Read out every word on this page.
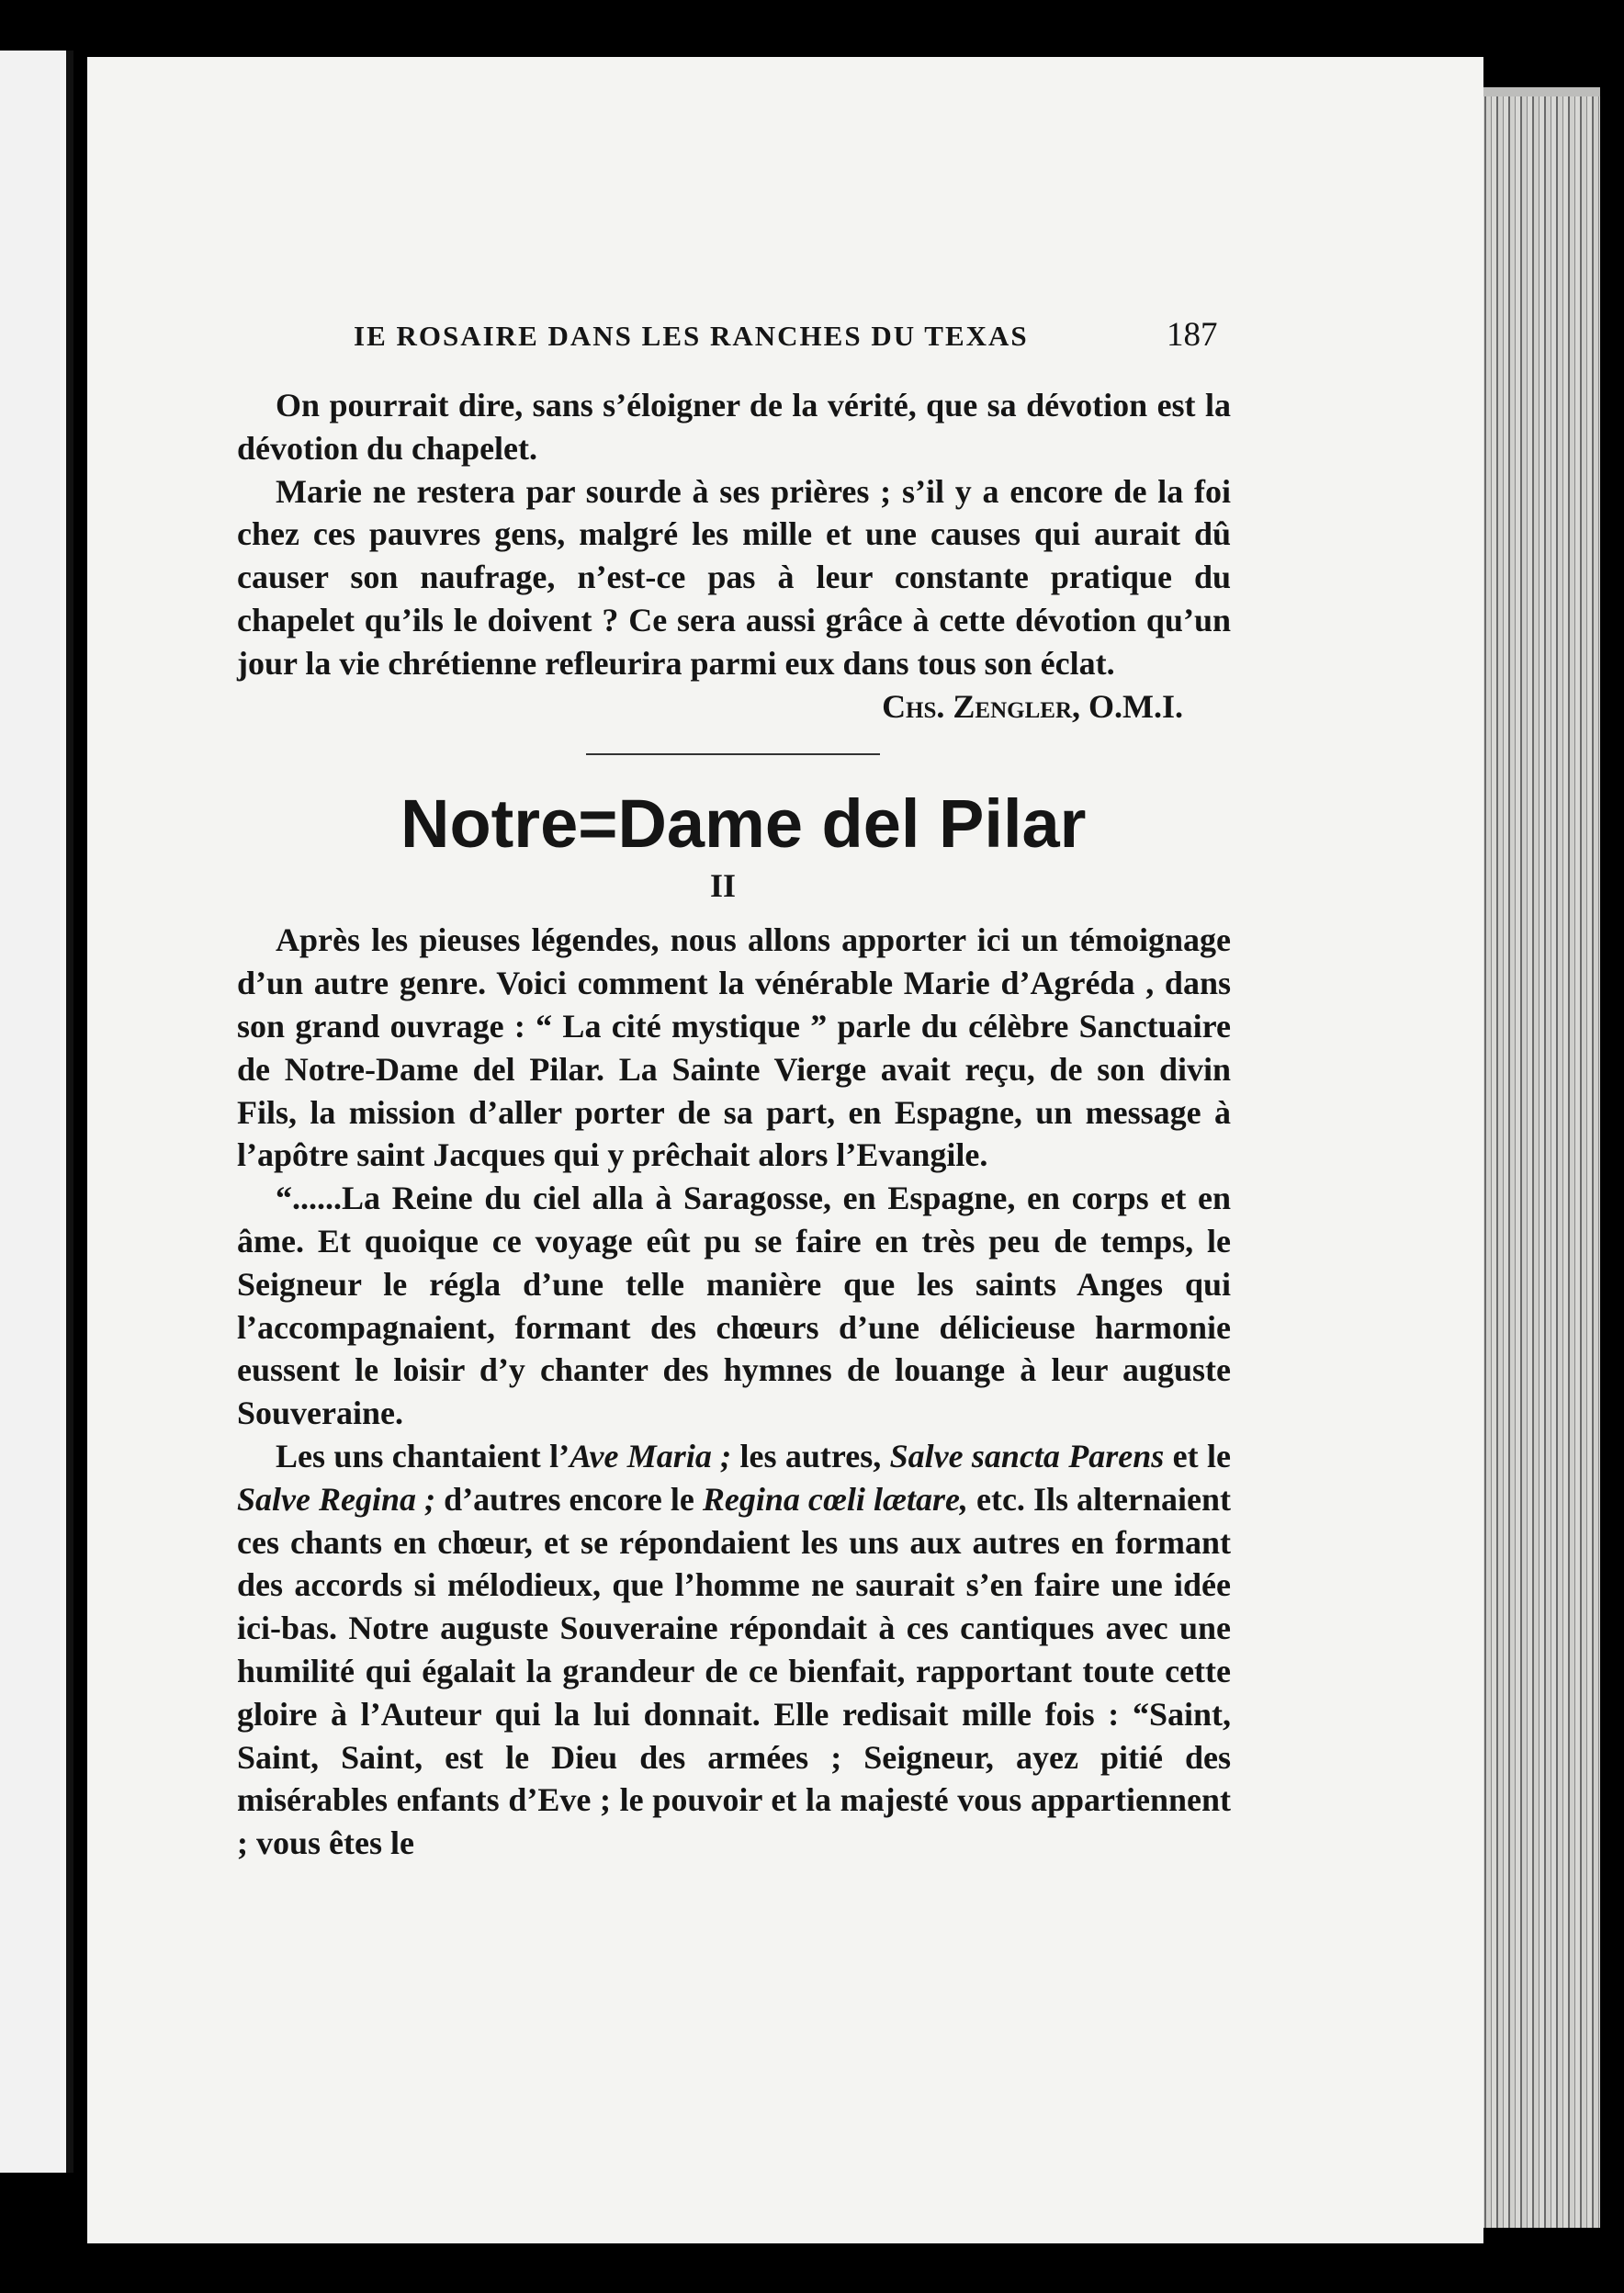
IE ROSAIRE DANS LES RANCHES DU TEXAS	187

On pourrait dire, sans s’éloigner de la vérité, que sa dévotion est la dévotion du chapelet.

Marie ne restera par sourde à ses prières ; s’il y a encore de la foi chez ces pauvres gens, malgré les mille et une causes qui aurait dû causer son naufrage, n’est-ce pas à leur constante pratique du chapelet qu’ils le doivent ? Ce sera aussi grâce à cette dévotion qu’un jour la vie chrétienne refleurira parmi eux dans tous son éclat.

Chs. Zengler, O.M.I.

Notre=Dame del Pilar

II

Après les pieuses légendes, nous allons apporter ici un témoignage d’un autre genre. Voici comment la vénérable Marie d’Agréda , dans son grand ouvrage : “ La cité mystique ” parle du célèbre Sanctuaire de Notre-Dame del Pilar. La Sainte Vierge avait reçu, de son divin Fils, la mission d’aller porter de sa part, en Espagne, un message à l’apôtre saint Jacques qui y prêchait alors l’Evangile.

“......La Reine du ciel alla à Saragosse, en Espagne, en corps et en âme. Et quoique ce voyage eût pu se faire en très peu de temps, le Seigneur le régla d’une telle manière que les saints Anges qui l’accompagnaient, formant des chœurs d’une délicieuse harmonie eussent le loisir d’y chanter des hymnes de louange à leur auguste Souveraine.

Les uns chantaient l’Ave Maria ; les autres, Salve sancta Parens et le Salve Regina ; d’autres encore le Regina cœli lætare, etc. Ils alternaient ces chants en chœur, et se répondaient les uns aux autres en formant des accords si mélodieux, que l’homme ne saurait s’en faire une idée ici-bas. Notre auguste Souveraine répondait à ces cantiques avec une humilité qui égalait la grandeur de ce bienfait, rapportant toute cette gloire à l’Auteur qui la lui donnait. Elle redisait mille fois : “Saint, Saint, Saint, est le Dieu des armées ; Seigneur, ayez pitié des misérables enfants d’Eve ; le pouvoir et la majesté vous appartiennent ; vous êtes le
